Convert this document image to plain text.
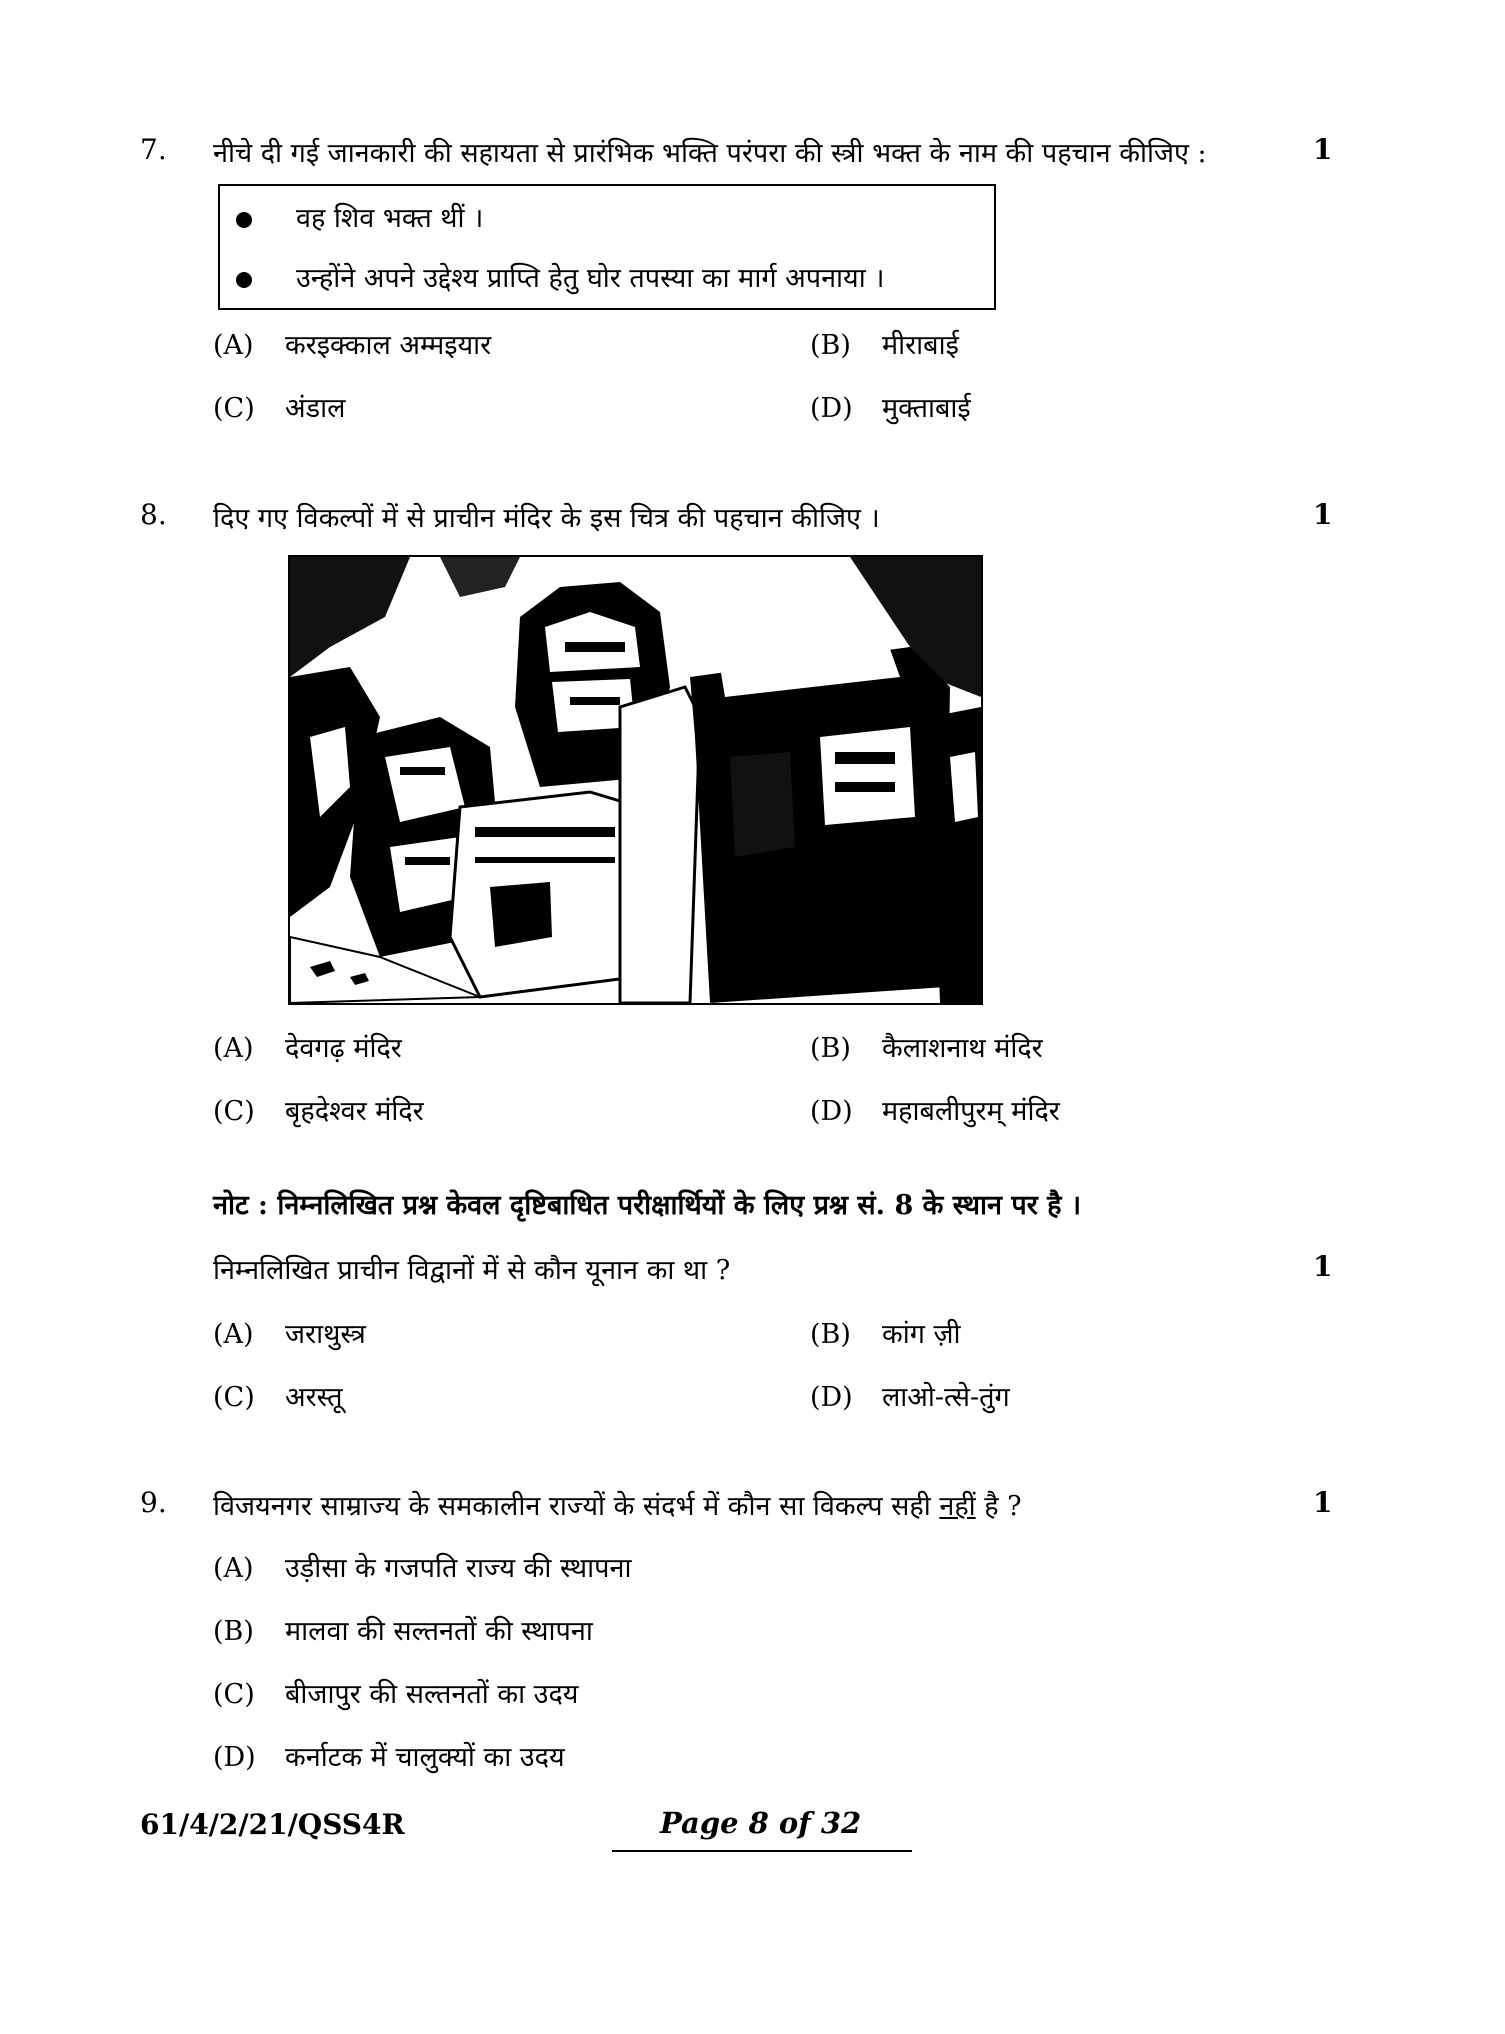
7. नीचे दी गई जानकारी की सहायता से प्रारंभिक भक्ति परंपरा की स्त्री भक्त के नाम की पहचान कीजिए :	1
वह शिव भक्त थीं ।
उन्होंने अपने उद्देश्य प्राप्ति हेतु घोर तपस्या का मार्ग अपनाया ।
(A) करइक्काल अम्मइयार	(B) मीराबाई
(C) अंडाल	(D) मुक्ताबाई
8. दिए गए विकल्पों में से प्राचीन मंदिर के इस चित्र की पहचान कीजिए ।	1
(A) देवगढ़ मंदिर	(B) कैलाशनाथ मंदिर
(C) बृहदेश्वर मंदिर	(D) महाबलीपुरम् मंदिर
नोट : निम्नलिखित प्रश्न केवल दृष्टिबाधित परीक्षार्थियों के लिए प्रश्न सं. 8 के स्थान पर है ।
निम्नलिखित प्राचीन विद्वानों में से कौन यूनान का था ?	1
(A) जराथुस्त्र	(B) कांग ज़ी
(C) अरस्तू	(D) लाओ-त्से-तुंग
9. विजयनगर साम्राज्य के समकालीन राज्यों के संदर्भ में कौन सा विकल्प सही नहीं है ?	1
(A) उड़ीसा के गजपति राज्य की स्थापना
(B) मालवा की सल्तनतों की स्थापना
(C) बीजापुर की सल्तनतों का उदय
(D) कर्नाटक में चालुक्यों का उदय
61/4/2/21/QSS4R	Page 8 of 32
